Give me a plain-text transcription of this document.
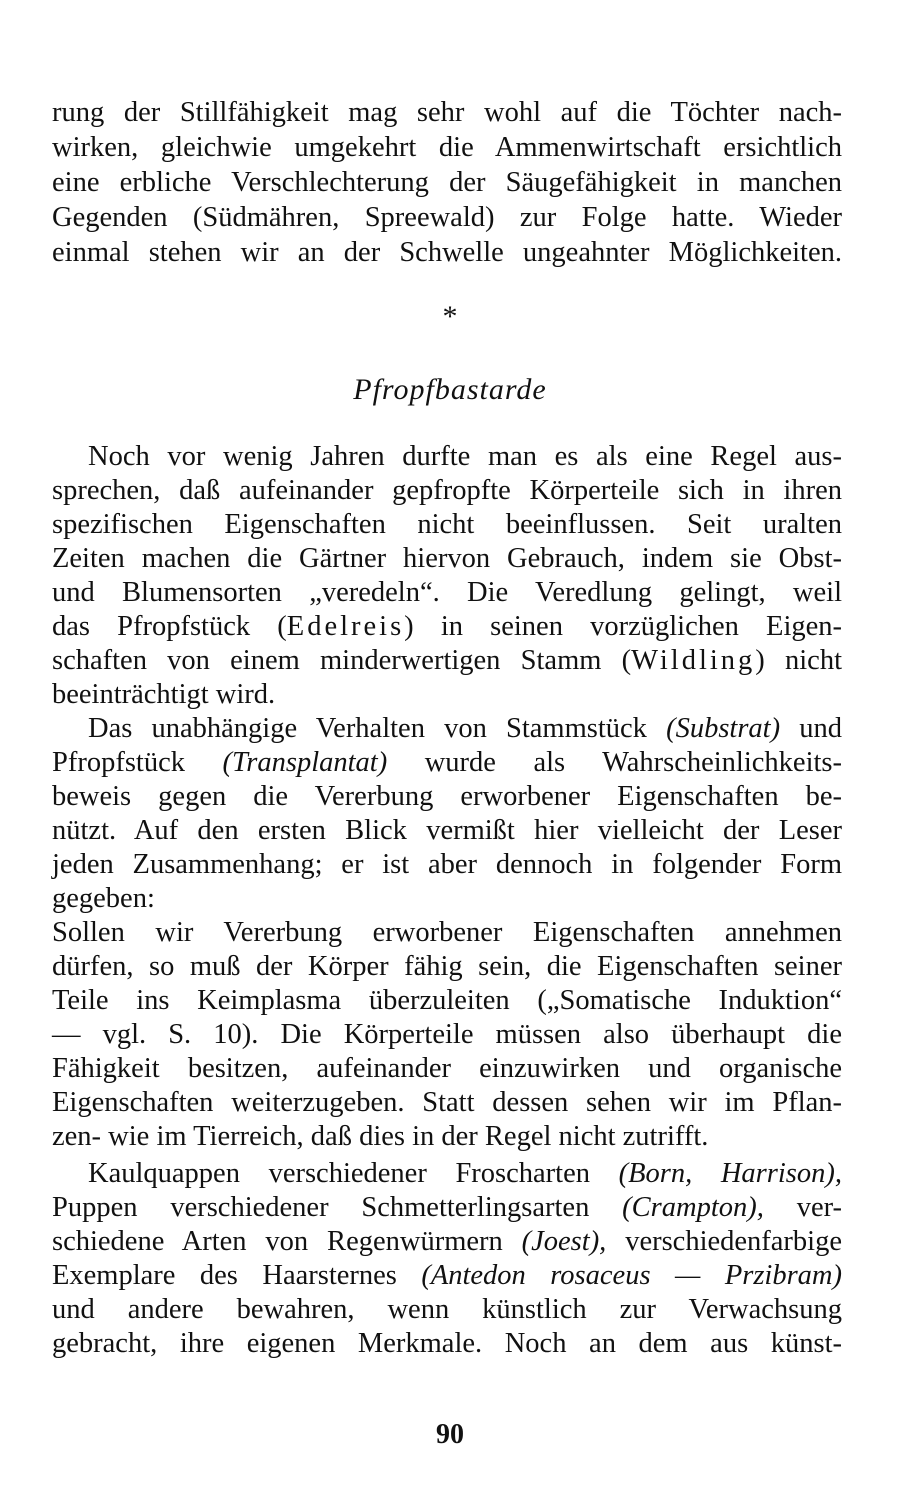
rung der Stillfähigkeit mag sehr wohl auf die Töchter nach-
wirken, gleichwie umgekehrt die Ammenwirtschaft ersichtlich
eine erbliche Verschlechterung der Säugefähigkeit in manchen
Gegenden (Südmähren, Spreewald) zur Folge hatte. Wieder
einmal stehen wir an der Schwelle ungeahnter Möglichkeiten.
*
Pfropfbastarde
Noch vor wenig Jahren durfte man es als eine Regel aus-
sprechen, daß aufeinander gepfropfte Körperteile sich in ihren
spezifischen Eigenschaften nicht beeinflussen. Seit uralten
Zeiten machen die Gärtner hiervon Gebrauch, indem sie Obst-
und Blumensorten „veredeln“. Die Veredlung gelingt, weil
das Pfropfstück (Edelreis) in seinen vorzüglichen Eigen-
schaften von einem minderwertigen Stamm (Wildling) nicht
beeinträchtigt wird.
Das unabhängige Verhalten von Stammstück (Substrat) und
Pfropfstück (Transplantat) wurde als Wahrscheinlichkeits-
beweis gegen die Vererbung erworbener Eigenschaften be-
nützt. Auf den ersten Blick vermißt hier vielleicht der Leser
jeden Zusammenhang; er ist aber dennoch in folgender Form
gegeben:
Sollen wir Vererbung erworbener Eigenschaften annehmen
dürfen, so muß der Körper fähig sein, die Eigenschaften seiner
Teile ins Keimplasma überzuleiten („Somatische Induktion“
— vgl. S. 10). Die Körperteile müssen also überhaupt die
Fähigkeit besitzen, aufeinander einzuwirken und organische
Eigenschaften weiterzugeben. Statt dessen sehen wir im Pflan-
zen- wie im Tierreich, daß dies in der Regel nicht zutrifft.
Kaulquappen verschiedener Froscharten (Born, Harrison),
Puppen verschiedener Schmetterlingsarten (Crampton), ver-
schiedene Arten von Regenwürmern (Joest), verschiedenfarbige
Exemplare des Haarsternes (Antedon rosaceus — Przibram)
und andere bewahren, wenn künstlich zur Verwachsung
gebracht, ihre eigenen Merkmale. Noch an dem aus künst-
90
